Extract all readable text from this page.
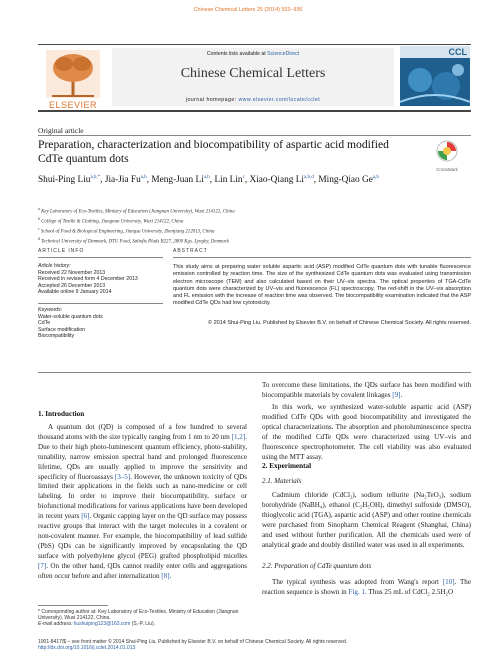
Chinese Chemical Letters 25 (2014) 933–936
ELSEVIER
Contents lists available at ScienceDirect
Chinese Chemical Letters
journal homepage: www.elsevier.com/locate/cclet
CCL
Original article
Preparation, characterization and biocompatibility of aspartic acid modified CdTe quantum dots
CrossMark
Shui-Ping Liu$^{a,b,*}$, Jia-Jia Fu$^{a,b}$, Meng-Juan Li$^{a,b}$, Lin Lin$^c$, Xiao-Qiang Li$^{a,b,d}$, Ming-Qiao Ge$^{a,b}$
$^a$ Key Laboratory of Eco-Textiles, Ministry of Education (Jiangnan University), Wuxi 214122, China
$^b$ College of Textile & Clothing, Jiangnan University, Wuxi 214122, China
$^c$ School of Food & Biological Engineering, Jiangsu University, Zhenjiang 212013, China
$^d$ Technical University of Denmark, DTU Food, Søltofts Plads B227, 2800 Kgs. Lyngby, Denmark
ARTICLE INFO	ABSTRACT
Article history:
Received 22 November 2013
Received in revised form 4 December 2013
Accepted 26 December 2013
Available online 9 January 2014
Keywords:
Water-soluble quantum dots
CdTe
Surface modification
Biocompatibility
This study aims at preparing water soluble aspartic acid (ASP) modified CdTe quantum dots with tunable fluorescence emission controlled by reaction time. The size of the synthesized CdTe quantum dots was evaluated using transmission electron microscope (TEM) and also calculated based on their UV–vis spectra. The optical properties of TGA-CdTe quantum dots were characterized by UV–vis and fluorescence (FL) spectroscopy. The red-shift in the UV–vis absorption and FL emission with the increase of reaction time was observed. The biocompatibility examination indicated that the ASP modified CdTe QDs had low cytotoxicity.
© 2014 Shui-Ping Liu. Published by Elsevier B.V. on behalf of Chinese Chemical Society. All rights reserved.
1. Introduction
A quantum dot (QD) is composed of a few hundred to several thousand atoms with the size typically ranging from 1 nm to 20 nm [1,2]. Due to their high photo-luminescent quantum efficiency, photo-stability, tunability, narrow emission spectral band and prolonged fluorescence lifetime, QDs are usually applied to improve the sensitivity and specificity of fluoroassays [3–5]. However, the unknown toxicity of QDs limited their applications in the fields such as nano-medicine or cell labeling. In order to improve their biocompatibility, surface or biofunctional modifications for various applications have been developed in recent years [6]. Organic capping layer on the QD surface may possess reactive groups that interact with the target molecules in a covalent or non-covalent manner. For example, the biocompatibility of lead sulfide (PbS) QDs can be significantly improved by encapsulating the QD surface with polyethylene glycol (PEG) grafted phospholipid micelles [7]. On the other hand, QDs cannot readily enter cells and aggregations often occur before and after internalization [8].
To overcome these limitations, the QDs surface has been modified with biocompatible materials by covalent linkages [9].
In this work, we synthesized water-soluble aspartic acid (ASP) modified CdTe QDs with good biocompatibility and investigated the optical characterizations. The absorption and photoluminescence spectra of the modified CdTe QDs were characterized using UV–vis and fluorescence spectrophotometer. The cell viability was also evaluated using the MTT assay.
2. Experimental
2.1. Materials
Cadmium chloride (CdCl₂), sodium tellurite (Na₂TeO₃), sodium borohydride (NaBH₄), ethanol (C₂H₅OH), dimethyl sulfoxide (DMSO), thioglycolic acid (TGA), aspartic acid (ASP) and other routine chemicals were purchased from Sinopharm Chemical Reagent (Shanghai, China) and used without further purification. All the chemicals used were of analytical grade and doubly distilled water was used in all experiments.
2.2. Preparation of CdTe quantum dots
The typical synthesis was adopted from Wang's report [10]. The reaction sequence is shown in Fig. 1. Thus 25 mL of CdCl₂ 2.5H₂O
* Corresponding author at: Key Laboratory of Eco-Textiles, Ministry of Education (Jiangnan University), Wuxi 214122, China.
E-mail address: liushuiping123@163.com (S.-P. Liu).
1001-8417/$ – see front matter © 2014 Shui-Ping Liu. Published by Elsevier B.V. on behalf of Chinese Chemical Society. All rights reserved.
http://dx.doi.org/10.1016/j.cclet.2014.01.013
